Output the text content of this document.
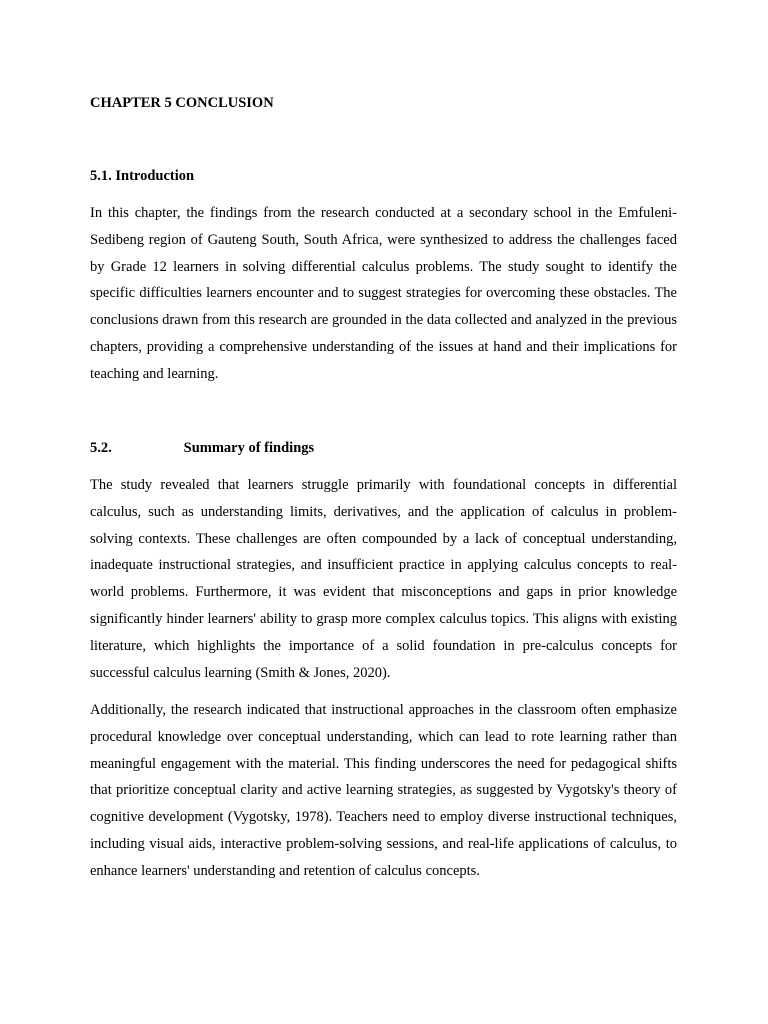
CHAPTER 5 CONCLUSION
5.1. Introduction

In this chapter, the findings from the research conducted at a secondary school in the Emfuleni-Sedibeng region of Gauteng South, South Africa, were synthesized to address the challenges faced by Grade 12 learners in solving differential calculus problems. The study sought to identify the specific difficulties learners encounter and to suggest strategies for overcoming these obstacles. The conclusions drawn from this research are grounded in the data collected and analyzed in the previous chapters, providing a comprehensive understanding of the issues at hand and their implications for teaching and learning.

5.2.	Summary of findings

The study revealed that learners struggle primarily with foundational concepts in differential calculus, such as understanding limits, derivatives, and the application of calculus in problem-solving contexts. These challenges are often compounded by a lack of conceptual understanding, inadequate instructional strategies, and insufficient practice in applying calculus concepts to real-world problems. Furthermore, it was evident that misconceptions and gaps in prior knowledge significantly hinder learners' ability to grasp more complex calculus topics. This aligns with existing literature, which highlights the importance of a solid foundation in pre-calculus concepts for successful calculus learning (Smith & Jones, 2020).

Additionally, the research indicated that instructional approaches in the classroom often emphasize procedural knowledge over conceptual understanding, which can lead to rote learning rather than meaningful engagement with the material. This finding underscores the need for pedagogical shifts that prioritize conceptual clarity and active learning strategies, as suggested by Vygotsky's theory of cognitive development (Vygotsky, 1978). Teachers need to employ diverse instructional techniques, including visual aids, interactive problem-solving sessions, and real-life applications of calculus, to enhance learners' understanding and retention of calculus concepts.
